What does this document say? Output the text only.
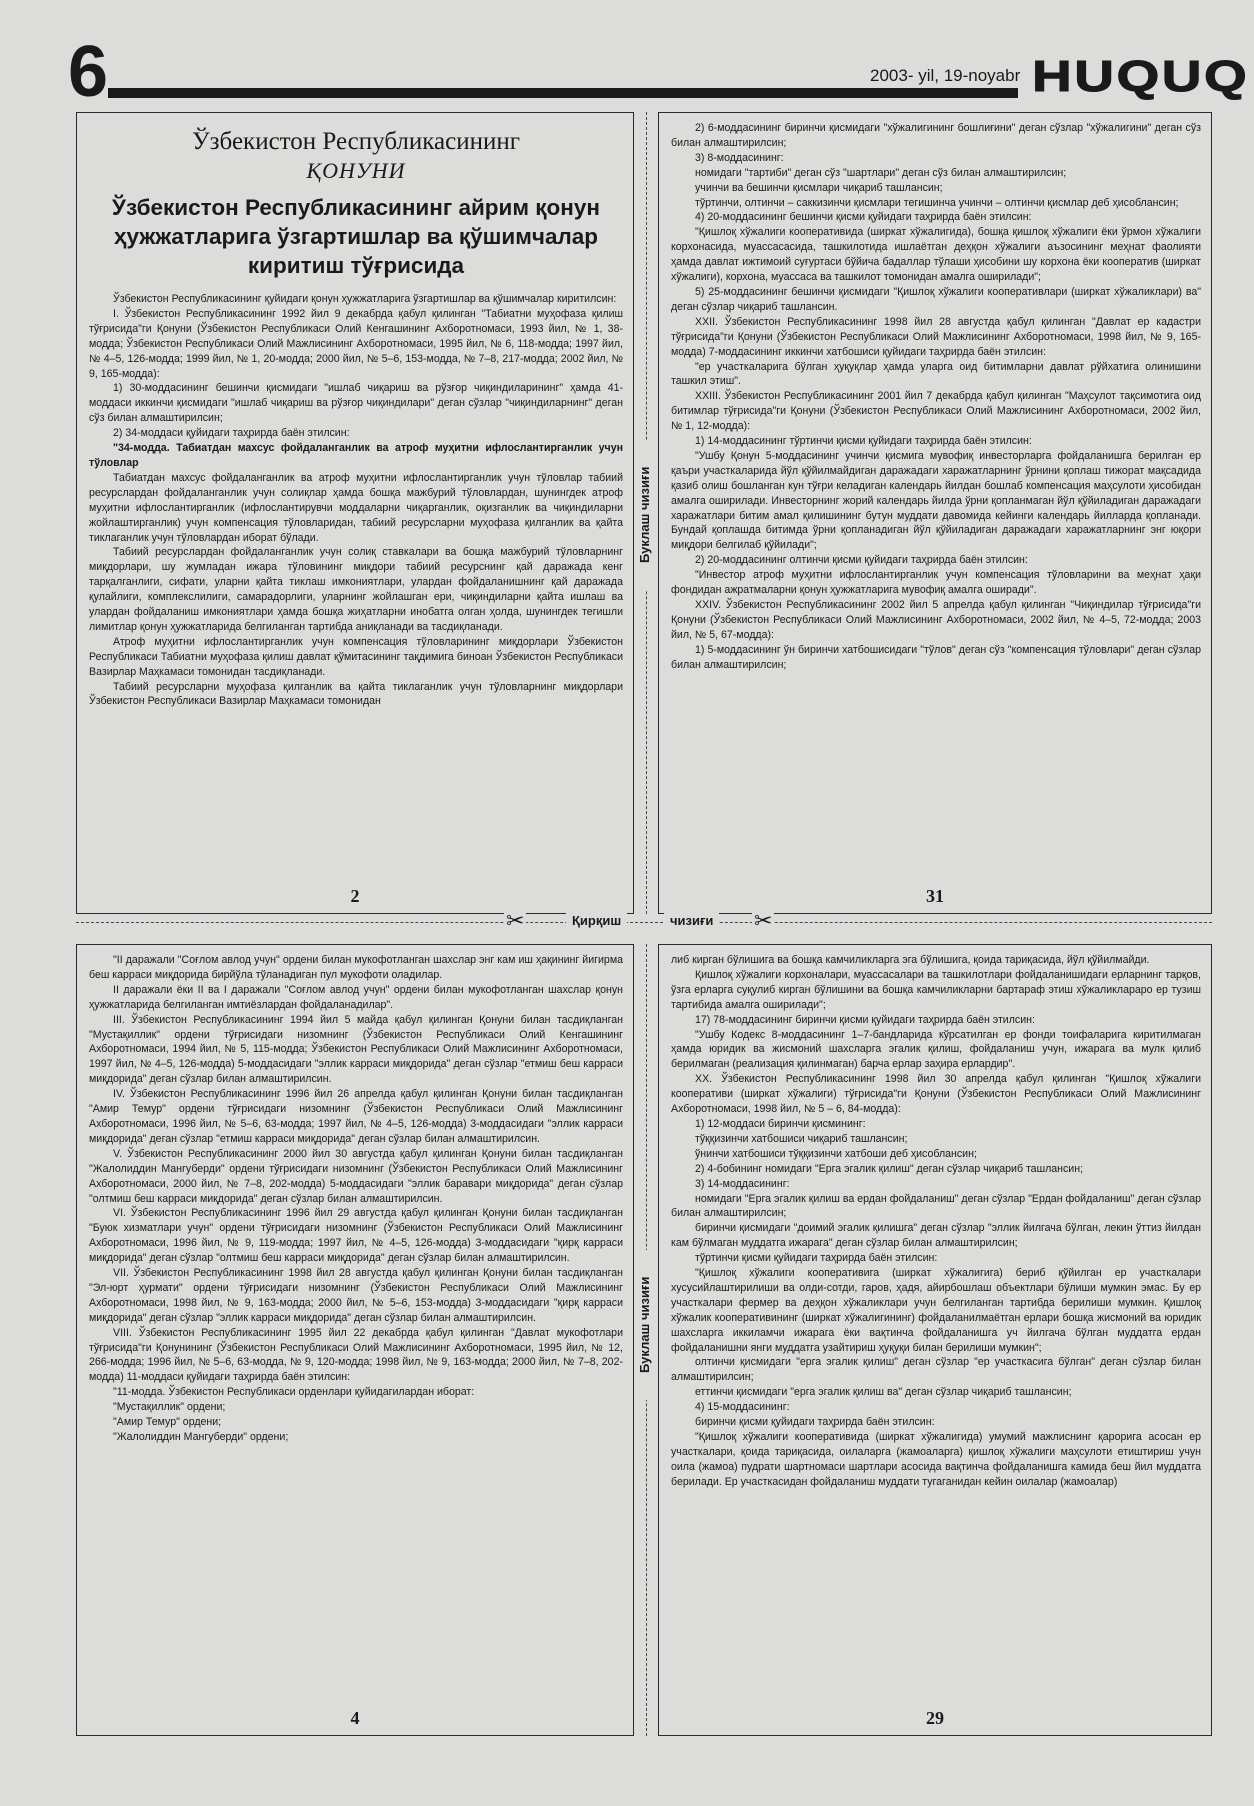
6	2003- yil, 19-noyabr HUQUQ
Ўзбекистон Республикасининг
ҚОНУНИ
Ўзбекистон Республикасининг айрим қонун ҳужжатларига ўзгартишлар ва қўшимчалар киритиш тўғрисида

Ўзбекистон Республикасининг қуйидаги қонун ҳужжатларига ўзгартишлар ва қўшимчалар киритилсин:

I. Ўзбекистон Республикасининг 1992 йил 9 декабрда қабул қилинган "Табиатни муҳофаза қилиш тўғрисида"ги Қонуни (Ўзбекистон Республикаси Олий Кенгашининг Ахборотномаси, 1993 йил, № 1, 38-модда; Ўзбекистон Республикаси Олий Мажлисининг Ахборотномаси, 1995 йил, № 6, 118-модда; 1997 йил, № 4–5, 126-модда; 1999 йил, № 1, 20-модда; 2000 йил, № 5–6, 153-модда, № 7–8, 217-модда; 2002 йил, № 9, 165-модда):

1) 30-моддасининг бешинчи қисмидаги "ишлаб чиқариш ва рўзғор чиқиндиларининг" ҳамда 41-моддаси иккинчи қисмидаги "ишлаб чиқариш ва рўзғор чиқиндилари" деган сўзлар "чиқиндиларнинг" деган сўз билан алмаштирилсин;

2) 34-моддаси қуйидаги таҳрирда баён этилсин:

"34-модда. Табиатдан махсус фойдаланганлик ва атроф муҳитни ифлослантирганлик учун тўловлар

Табиатдан махсус фойдаланганлик ва атроф муҳитни ифлослантирганлик учун тўловлар табиий ресурслардан фойдаланганлик учун солиқлар ҳамда бошқа мажбурий тўловлардан, шунингдек атроф муҳитни ифлослантирганлик (ифлослантирувчи моддаларни чиқарганлик, оқизганлик ва чиқиндиларни жойлаштирганлик) учун компенсация тўловларидан, табиий ресурсларни муҳофаза қилганлик ва қайта тиклаганлик учун тўловлардан иборат бўлади.

Табиий ресурслардан фойдаланганлик учун солиқ ставкалари ва бошқа мажбурий тўловларнинг миқдорлари, шу жумладан ижара тўловининг миқдори табиий ресурснинг қай даражада кенг тарқалганлиги, сифати, уларни қайта тиклаш имкониятлари, улардан фойдаланишнинг қай даражада қулайлиги, комплекслилиги, самарадорлиги, уларнинг жойлашган ери, чиқиндиларни қайта ишлаш ва улардан фойдаланиш имкониятлари ҳамда бошқа жиҳатларни инобатга олган ҳолда, шунингдек тегишли лимитлар қонун ҳужжатларида белгиланган тартибда аниқланади ва тасдиқланади.

Атроф муҳитни ифлослантирганлик учун компенсация тўловларининг миқдорлари Ўзбекистон Республикаси Табиатни муҳофаза қилиш давлат қўмитасининг тақдимига биноан Ўзбекистон Республикаси Вазирлар Маҳкамаси томонидан тасдиқланади.

Табиий ресурсларни муҳофаза қилганлик ва қайта тиклаганлик учун тўловларнинг миқдорлари Ўзбекистон Республикаси Вазирлар Маҳкамаси томонидан

2

2) 6-моддасининг биринчи қисмидаги "хўжалигининг бошлиғини" деган сўзлар "хўжалигини" деган сўз билан алмаштирилсин;

3) 8-моддасининг:

номидаги "тартиби" деган сўз "шартлари" деган сўз билан алмаштирилсин;

учинчи ва бешинчи қисмлари чиқариб ташлансин;

тўртинчи, олтинчи – саккизинчи қисмлари тегишинча учинчи – олтинчи қисмлар деб ҳисоблансин;

4) 20-моддасининг бешинчи қисми қуйидаги таҳрирда баён этилсин:

"Қишлоқ хўжалиги кооперативида (ширкат хўжалигида), бошқа қишлоқ хўжалиги ёки ўрмон хўжалиги корхонасида, муассасасида, ташкилотида ишлаётган деҳқон хўжалиги аъзосининг меҳнат фаолияти ҳамда давлат ижтимоий суғуртаси бўйича бадаллар тўлаши ҳисобини шу корхона ёки кооператив (ширкат хўжалиги), корхона, муассаса ва ташкилот томонидан амалга оширилади";

5) 25-моддасининг бешинчи қисмидаги "Қишлоқ хўжалиги кооперативлари (ширкат хўжаликлари) ва" деган сўзлар чиқариб ташлансин.

XXII. Ўзбекистон Республикасининг 1998 йил 28 августда қабул қилинган "Давлат ер кадастри тўғрисида"ги Қонуни (Ўзбекистон Республикаси Олий Мажлисининг Ахборотномаси, 1998 йил, № 9, 165-модда) 7-моддасининг иккинчи хатбошиси қуйидаги таҳрирда баён этилсин:

"ер участкаларига бўлган ҳуқуқлар ҳамда уларга оид битимларни давлат рўйхатига олинишини ташкил этиш".

XXIII. Ўзбекистон Республикасининг 2001 йил 7 декабрда қабул қилинган "Маҳсулот тақсимотига оид битимлар тўғрисида"ги Қонуни (Ўзбекистон Республикаси Олий Мажлисининг Ахборотномаси, 2002 йил, № 1, 12-модда):

1) 14-моддасининг тўртинчи қисми қуйидаги таҳрирда баён этилсин:

"Ушбу Қонун 5-моддасининг учинчи қисмига мувофиқ инвесторларга фойдаланишга берилган ер қаъри участкаларида йўл қўйилмайдиган даражадаги харажатларнинг ўрнини қоплаш тижорат мақсадида қазиб олиш бошланган кун тўғри келадиган календарь йилдан бошлаб компенсация маҳсулоти ҳисобидан амалга оширилади. Инвесторнинг жорий календарь йилда ўрни қопланмаган йўл қўйиладиган даражадаги харажатлари битим амал қилишининг бутун муддати давомида кейинги календарь йилларда қопланади. Бундай қоплашда битимда ўрни қопланадиган йўл қўйиладиган даражадаги харажатларнинг энг юқори миқдори белгилаб қўйилади";

2) 20-моддасининг олтинчи қисми қуйидаги таҳрирда баён этилсин:

"Инвестор атроф муҳитни ифлослантирганлик учун компенсация тўловларини ва меҳнат ҳақи фондидан ажратмаларни қонун ҳужжатларига мувофиқ амалга оширади".

XXIV. Ўзбекистон Республикасининг 2002 йил 5 апрелда қабул қилинган "Чиқиндилар тўғрисида"ги Қонуни (Ўзбекистон Республикаси Олий Мажлисининг Ахборотномаси, 2002 йил, № 4–5, 72-модда; 2003 йил, № 5, 67-модда):

1) 5-моддасининг ўн биринчи хатбошисидаги "тўлов" деган сўз "компенсация тўловлари" деган сўзлар билан алмаштирилсин;

31
✂	Қирқиш	чизиғи ✂
Буклаш чизиғи
Буклаш чизиғи

"II даражали "Соғлом авлод учун" ордени билан мукофотланган шахслар энг кам иш ҳақининг йигирма беш карраси миқдорида бирйўла тўланадиган пул мукофоти оладилар.

II даражали ёки II ва I даражали "Соғлом авлод учун" ордени билан мукофотланган шахслар қонун ҳужжатларида белгиланган имтиёзлардан фойдаланадилар".

III. Ўзбекистон Республикасининг 1994 йил 5 майда қабул қилинган Қонуни билан тасдиқланган "Мустақиллик" ордени тўғрисидаги низомнинг (Ўзбекистон Республикаси Олий Кенгашининг Ахборотномаси, 1994 йил, № 5, 115-модда; Ўзбекистон Республикаси Олий Мажлисининг Ахборотномаси, 1997 йил, № 4–5, 126-модда) 5-моддасидаги "эллик карраси миқдорида" деган сўзлар "етмиш беш карраси миқдорида" деган сўзлар билан алмаштирилсин.

IV. Ўзбекистон Республикасининг 1996 йил 26 апрелда қабул қилинган Қонуни билан тасдиқланган "Амир Темур" ордени тўғрисидаги низомнинг (Ўзбекистон Республикаси Олий Мажлисининг Ахборотномаси, 1996 йил, № 5–6, 63-модда; 1997 йил, № 4–5, 126-модда) 3-моддасидаги "эллик карраси миқдорида" деган сўзлар "етмиш карраси миқдорида" деган сўзлар билан алмаштирилсин.

V. Ўзбекистон Республикасининг 2000 йил 30 августда қабул қилинган Қонуни билан тасдиқланган "Жалолиддин Мангуберди" ордени тўғрисидаги низомнинг (Ўзбекистон Республикаси Олий Мажлисининг Ахборотномаси, 2000 йил, № 7–8, 202-модда) 5-моддасидаги "эллик баравари миқдорида" деган сўзлар "олтмиш беш карраси миқдорида" деган сўзлар билан алмаштирилсин.

VI. Ўзбекистон Республикасининг 1996 йил 29 августда қабул қилинган Қонуни билан тасдиқланган "Буюк хизматлари учун" ордени тўғрисидаги низомнинг (Ўзбекистон Республикаси Олий Мажлисининг Ахборотномаси, 1996 йил, № 9, 119-модда; 1997 йил, № 4–5, 126-модда) 3-моддасидаги "қирқ карраси миқдорида" деган сўзлар "олтмиш беш карраси миқдорида" деган сўзлар билан алмаштирилсин.

VII. Ўзбекистон Республикасининг 1998 йил 28 августда қабул қилинган Қонуни билан тасдиқланган "Эл-юрт ҳурмати" ордени тўғрисидаги низомнинг (Ўзбекистон Республикаси Олий Мажлисининг Ахборотномаси, 1998 йил, № 9, 163-модда; 2000 йил, № 5–6, 153-модда) 3-моддасидаги "қирқ карраси миқдорида" деган сўзлар "эллик карраси миқдорида" деган сўзлар билан алмаштирилсин.

VIII. Ўзбекистон Республикасининг 1995 йил 22 декабрда қабул қилинган "Давлат мукофотлари тўғрисида"ги Қонунининг (Ўзбекистон Республикаси Олий Мажлисининг Ахборотномаси, 1995 йил, № 12, 266-модда; 1996 йил, № 5–6, 63-модда, № 9, 120-модда; 1998 йил, № 9, 163-модда; 2000 йил, № 7–8, 202-модда) 11-моддаси қуйидаги таҳрирда баён этилсин:

"11-модда. Ўзбекистон Республикаси орденлари қуйидагилардан иборат:

"Мустақиллик" ордени;

"Амир Темур" ордени;

"Жалолиддин Мангуберди" ордени;

4

либ кирган бўлишига ва бошқа камчиликларга эга бўлишига, қоида тариқасида, йўл қўйилмайди.

Қишлоқ хўжалиги корхоналари, муассасалари ва ташкилотлари фойдаланишидаги ерларнинг тарқов, ўзга ерларга суқулиб кирган бўлишини ва бошқа камчиликларни бартараф этиш хўжаликлараро ер тузиш тартибида амалга оширилади";

17) 78-моддасининг биринчи қисми қуйидаги таҳрирда баён этилсин:

"Ушбу Кодекс 8-моддасининг 1–7-бандларида кўрсатилган ер фонди тоифаларига киритилмаган ҳамда юридик ва жисмоний шахсларга эгалик қилиш, фойдаланиш учун, ижарага ва мулк қилиб берилмаган (реализация қилинмаган) барча ерлар заҳира ерлардир".

XX. Ўзбекистон Республикасининг 1998 йил 30 апрелда қабул қилинган "Қишлоқ хўжалиги кооперативи (ширкат хўжалиги) тўғрисида"ги Қонуни (Ўзбекистон Республикаси Олий Мажлисининг Ахборотномаси, 1998 йил, № 5 – 6, 84-модда):

1) 12-моддаси биринчи қисмининг:

тўққизинчи хатбошиси чиқариб ташлансин;

ўнинчи хатбошиси тўққизинчи хатбоши деб ҳисоблансин;

2) 4-бобининг номидаги "Ерга эгалик қилиш" деган сўзлар чиқариб ташлансин;

3) 14-моддасининг:

номидаги "Ерга эгалик қилиш ва ердан фойдаланиш" деган сўзлар "Ердан фойдаланиш" деган сўзлар билан алмаштирилсин;

биринчи қисмидаги "доимий эгалик қилишга" деган сўзлар "эллик йилгача бўлган, лекин ўттиз йилдан кам бўлмаган муддатга ижарага" деган сўзлар билан алмаштирилсин;

тўртинчи қисми қуйидаги таҳрирда баён этилсин:

"Қишлоқ хўжалиги кооперативига (ширкат хўжалигига) бериб қўйилган ер участкалари хусусийлаштирилиши ва олди-сотди, гаров, ҳадя, айирбошлаш объектлари бўлиши мумкин эмас. Бу ер участкалари фермер ва деҳқон хўжаликлари учун белгиланган тартибда берилиши мумкин. Қишлоқ хўжалик кооперативининг (ширкат хўжалигининг) фойдаланилмаётган ерлари бошқа жисмоний ва юридик шахсларга иккиламчи ижарага ёки вақтинча фойдаланишга уч йилгача бўлган муддатга ердан фойдаланишни янги муддатга узайтириш ҳуқуқи билан берилиши мумкин";

олтинчи қисмидаги "ерга эгалик қилиш" деган сўзлар "ер участкасига бўлган" деган сўзлар билан алмаштирилсин;

еттинчи қисмидаги "ерга эгалик қилиш ва" деган сўзлар чиқариб ташлансин;

4) 15-моддасининг:

биринчи қисми қуйидаги таҳрирда баён этилсин:

"Қишлоқ хўжалиги кооперативида (ширкат хўжалигида) умумий мажлиснинг қарорига асосан ер участкалари, қоида тариқасида, оилаларга (жамоаларга) қишлоқ хўжалиги маҳсулоти етиштириш учун оила (жамоа) пудрати шартномаси шартлари асосида вақтинча фойдаланишга камида беш йил муддатга берилади. Ер участкасидан фойдаланиш муддати тугаганидан кейин оилалар (жамоалар)

29
